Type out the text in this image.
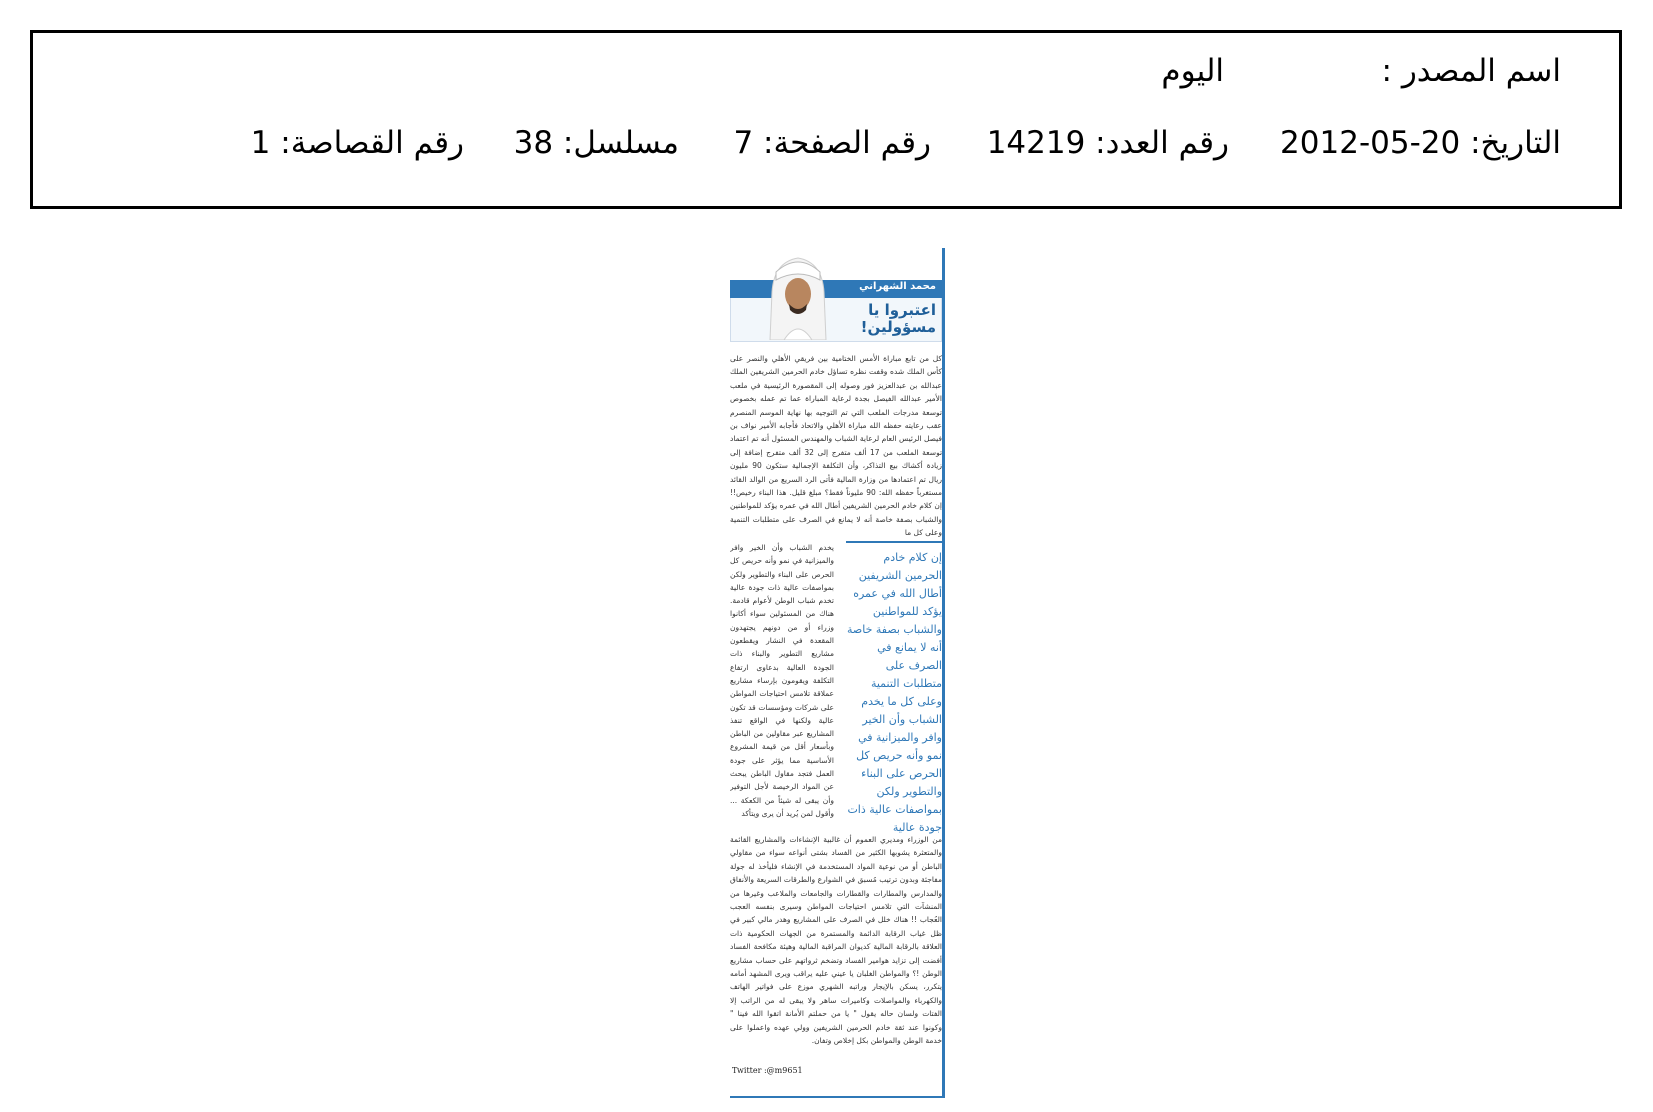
اسم المصدر :
اليوم
التاريخ: 20-05-2012
رقم العدد: 14219
رقم الصفحة: 7
مسلسل: 38
رقم القصاصة: 1
محمد الشهراني
اعتبروا يا مسؤولين!
كل من تابع مباراة الأمس الختامية بين فريقي الأهلي والنصر على كأس الملك شده وقفت نظره تساؤل خادم الحرمين الشريفين الملك عبدالله بن عبدالعزيز فور وصوله إلى المقصورة الرئيسية في ملعب الأمير عبدالله الفيصل بجدة لرعاية المباراة عما تم عمله بخصوص توسعة مدرجات الملعب التي تم التوجيه بها نهاية الموسم المنصرم عقب رعايته حفظه الله مباراة الأهلي والاتحاد فأجابه الأمير نواف بن فيصل الرئيس العام لرعاية الشباب والمهندس المسئول أنه تم اعتماد توسعة الملعب من 17 ألف متفرج إلى 32 ألف متفرج إضافة إلى زيادة أكشاك بيع التذاكر، وأن التكلفة الإجمالية ستكون 90 مليون ريال تم اعتمادها من وزارة المالية فأتى الرد السريع من الوالد القائد مستغرباً حفظه الله: 90 مليوناً فقط؟ مبلغ قليل. هذا البناء رخيص!! إن كلام خادم الحرمين الشريفين أطال الله في عمره يؤكد للمواطنين والشباب بصفة خاصة أنه لا يمانع في الصرف على متطلبات التنمية وعلى كل ما
يخدم الشباب وأن الخير وافر والميزانية في نمو وأنه حريص كل الحرص على البناء والتطوير ولكن بمواصفات عالية ذات جودة عالية تخدم شباب الوطن لأعوام قادمة. هناك من المسئولين سواء أكانوا وزراء أو من دونهم يجتهدون المقعدة في النشار ويقطعون مشاريع التطوير والبناء ذات الجودة العالية بدعاوى ارتفاع التكلفة ويقومون بإرساء مشاريع عملاقة تلامس احتياجات المواطن على شركات ومؤسسات قد تكون عالية ولكنها في الواقع تنفذ المشاريع عبر مقاولين من الباطن وبأسعار أقل من قيمة المشروع الأساسية مما يؤثر على جودة العمل فتجد مقاول الباطن يبحث عن المواد الرخيصة لأجل التوفير وأن يبقى له شيئاً من الكعكة ... وأقول لمن يُريد أن يرى ويتأكد
إن كلام خادم الحرمين الشريفين أطال الله في عمره يؤكد للمواطنين والشباب بصفة خاصة أنه لا يمانع في الصرف على متطلبات التنمية وعلى كل ما يخدم الشباب وأن الخير وافر والميزانية في نمو وأنه حريص كل الحرص على البناء والتطوير ولكن بمواصفات عالية ذات جودة عالية
من الوزراء ومديري العموم أن غالبية الإنشاءات والمشاريع القائمة والمتعثرة يشوبها الكثير من الفساد بشتى أنواعه سواء من مقاولي الباطن أو من نوعية المواد المستخدمة في الإنشاء فليأخذ له جولة مفاجئة وبدون ترتيب مُسبق في الشوارع والطرقات السريعة والأنفاق والمدارس والمطارات والقطارات والجامعات والملاعب وغيرها من المنشآت التي تلامس احتياجات المواطن وسيرى بنفسه العجب العُجاب !! هناك خلل في الصرف على المشاريع وهدر مالي كبير في ظل غياب الرقابة الدائمة والمستمرة من الجهات الحكومية ذات العلاقة بالرقابة المالية كديوان المراقبة المالية وهيئة مكافحة الفساد أفضت إلى تزايد هوامير الفساد وتضخم ثرواتهم على حساب مشاريع الوطن !؟ والمواطن الغلبان يا عيني عليه يراقب ويرى المشهد أمامه يتكرر، يسكن بالإيجار وراتبه الشهري موزع على فواتير الهاتف والكهرباء والمواصلات وكاميرات ساهر ولا يبقى له من الراتب إلا الفتات ولسان حاله يقول " يا من حملتم الأمانة اتقوا الله فينا " وكونوا عند ثقة خادم الحرمين الشريفين وولي عهده واعملوا على خدمة الوطن والمواطن بكل إخلاص وتفان.
Twitter :@m9651
